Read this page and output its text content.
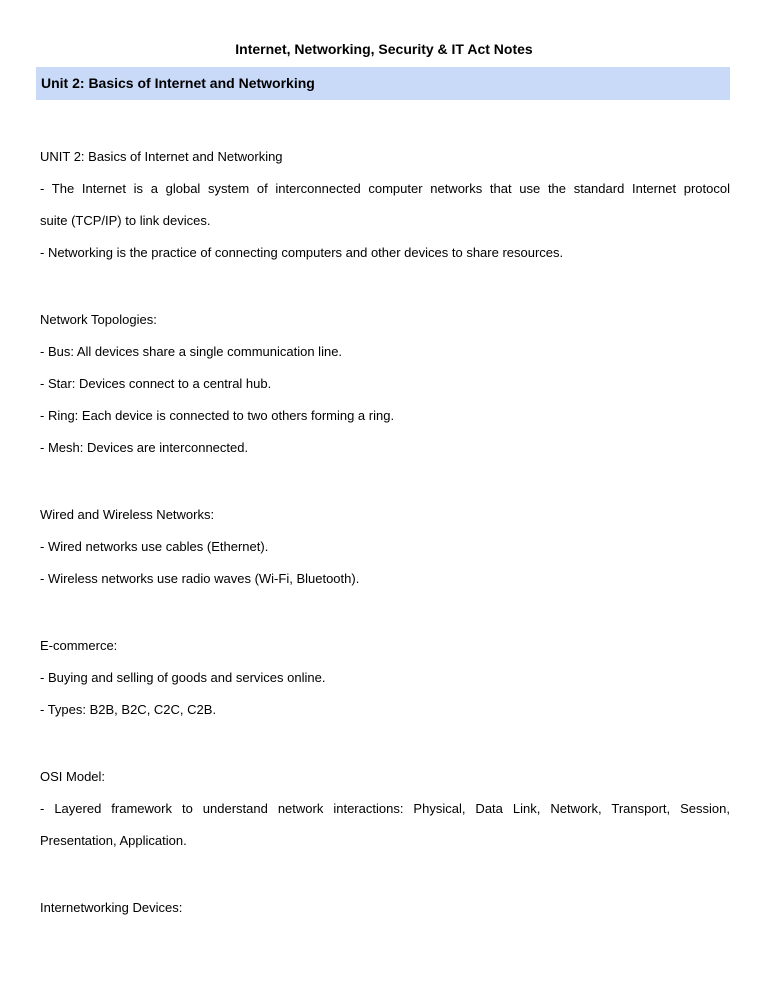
Internet, Networking, Security & IT Act Notes
Unit 2: Basics of Internet and Networking

UNIT 2: Basics of Internet and Networking

- The Internet is a global system of interconnected computer networks that use the standard Internet protocol

suite (TCP/IP) to link devices.

- Networking is the practice of connecting computers and other devices to share resources.

Network Topologies:

- Bus: All devices share a single communication line.

- Star: Devices connect to a central hub.

- Ring: Each device is connected to two others forming a ring.

- Mesh: Devices are interconnected.

Wired and Wireless Networks:

- Wired networks use cables (Ethernet).

- Wireless networks use radio waves (Wi-Fi, Bluetooth).

E-commerce:

- Buying and selling of goods and services online.

- Types: B2B, B2C, C2C, C2B.

OSI Model:

- Layered framework to understand network interactions: Physical, Data Link, Network, Transport, Session,

Presentation, Application.

Internetworking Devices:
